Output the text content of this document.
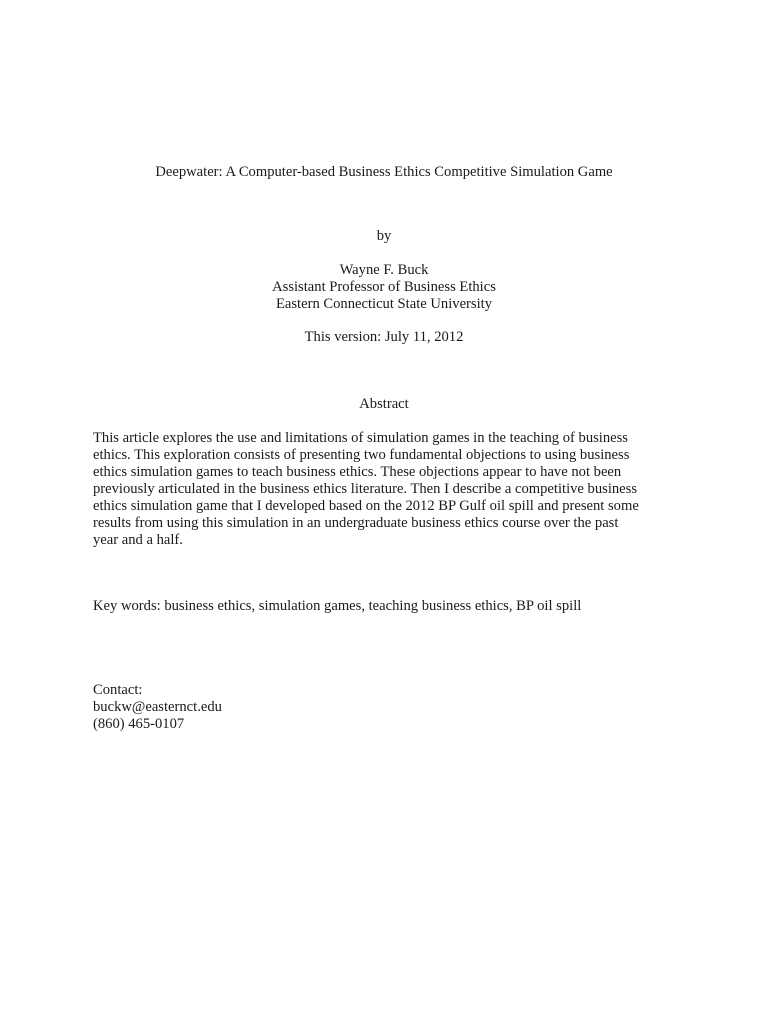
Deepwater: A Computer-based Business Ethics Competitive Simulation Game
by
Wayne F. Buck
Assistant Professor of Business Ethics
Eastern Connecticut State University
This version: July 11, 2012
Abstract
This article explores the use and limitations of simulation games in the teaching of business
ethics. This exploration consists of presenting two fundamental objections to using business
ethics simulation games to teach business ethics. These objections appear to have not been
previously articulated in the business ethics literature. Then I describe a competitive business
ethics simulation game that I developed based on the 2012 BP Gulf oil spill and present some
results from using this simulation in an undergraduate business ethics course over the past
year and a half.
Key words: business ethics, simulation games, teaching business ethics, BP oil spill
Contact:
buckw@easternct.edu
(860) 465-0107
